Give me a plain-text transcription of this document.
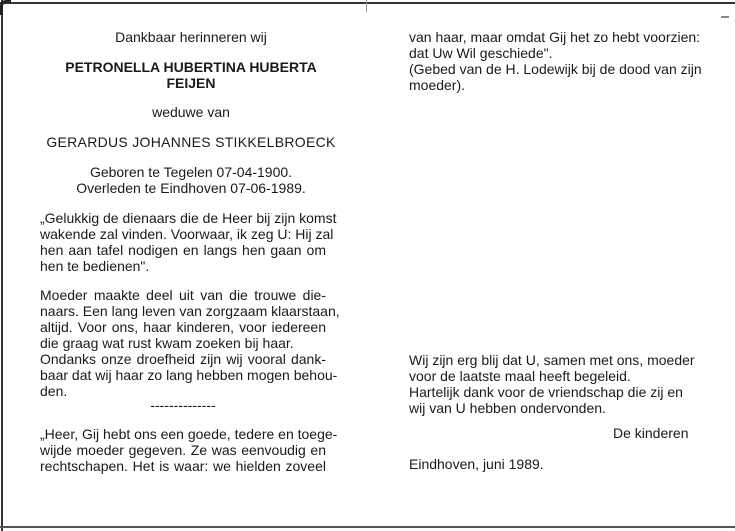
Dankbaar herinneren wij
PETRONELLA HUBERTINA HUBERTA
FEIJEN
weduwe van
GERARDUS JOHANNES STIKKELBROECK
Geboren te Tegelen 07-04-1900.
Overleden te Eindhoven 07-06-1989.
„Gelukkig de dienaars die de Heer bij zijn komst
wakende zal vinden. Voorwaar, ik zeg U: Hij zal
hen aan tafel nodigen en langs hen gaan om
hen te bedienen".
Moeder maakte deel uit van die trouwe die-
naars. Een lang leven van zorgzaam klaarstaan,
altijd. Voor ons, haar kinderen, voor iedereen
die graag wat rust kwam zoeken bij haar.
Ondanks onze droefheid zijn wij vooral dank-
baar dat wij haar zo lang hebben mogen behou-
den.
--------------
„Heer, Gij hebt ons een goede, tedere en toege-
wijde moeder gegeven. Ze was eenvoudig en
rechtschapen. Het is waar: we hielden zoveel
van haar, maar omdat Gij het zo hebt voorzien:
dat Uw Wil geschiede".
(Gebed van de H. Lodewijk bij de dood van zijn
moeder).
Wij zijn erg blij dat U, samen met ons, moeder
voor de laatste maal heeft begeleid.
Hartelijk dank voor de vriendschap die zij en
wij van U hebben ondervonden.
De kinderen
Eindhoven, juni 1989.
